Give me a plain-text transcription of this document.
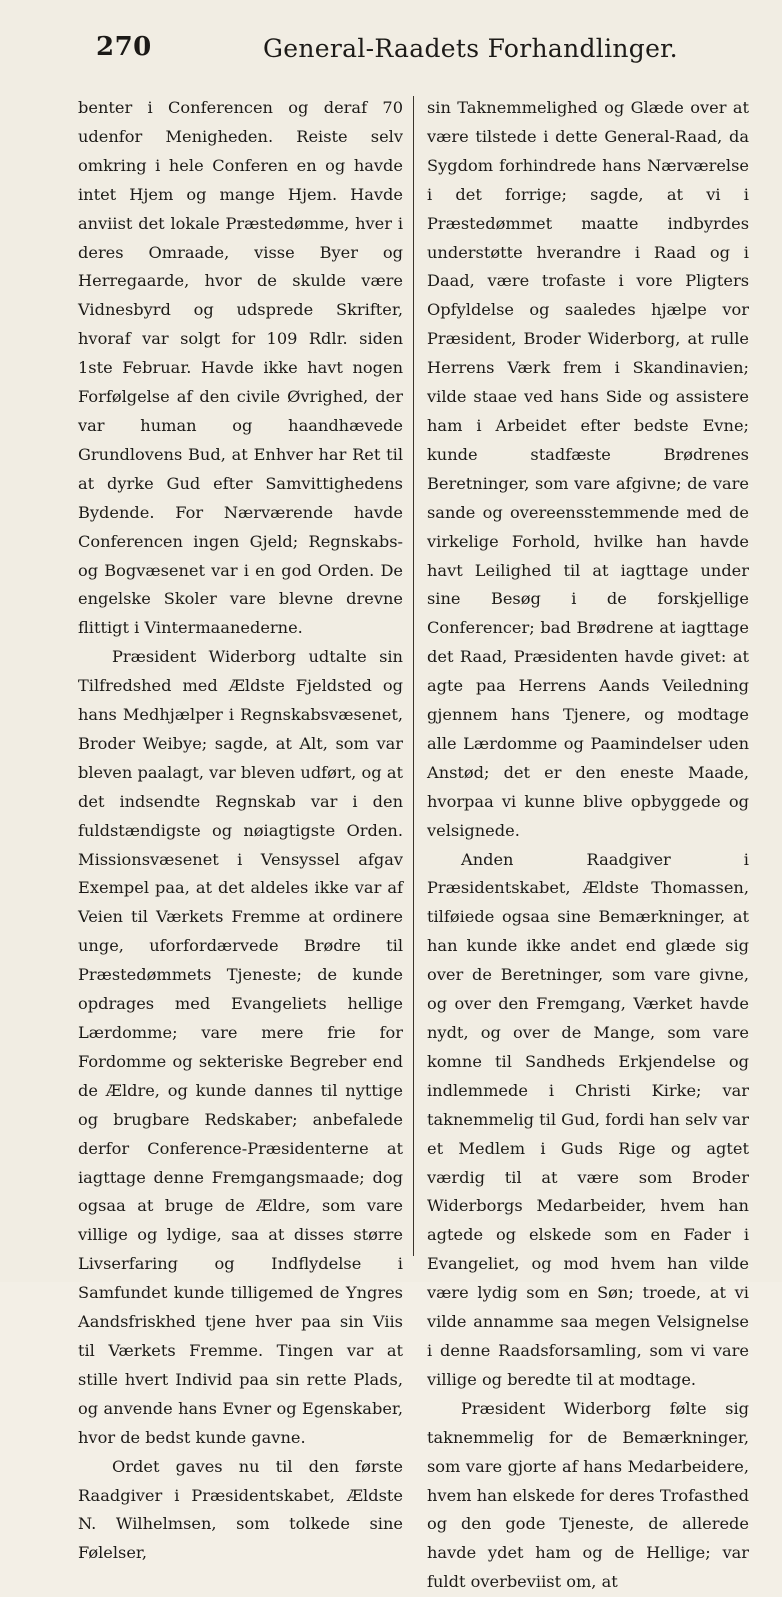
270	General-Raadets Forhandlinger.

benter i Conferencen og deraf 70 udenfor Menigheden. Reiste selv omkring i hele Conferen en og havde intet Hjem og mange Hjem. Havde anviist det lokale Præstedømme, hver i deres Omraade, visse Byer og Herregaarde, hvor de skulde være Vidnesbyrd og udsprede Skrifter, hvoraf var solgt for 109 Rdlr. siden 1ste Februar. Havde ikke havt nogen Forfølgelse af den civile Øvrighed, der var human og haandhævede Grundlovens Bud, at Enhver har Ret til at dyrke Gud efter Samvittighedens Bydende. For Nærværende havde Conferencen ingen Gjeld; Regnskabs- og Bogvæsenet var i en god Orden. De engelske Skoler vare blevne drevne flittigt i Vintermaanederne.

Præsident Widerborg udtalte sin Tilfredshed med Ældste Fjeldsted og hans Medhjælper i Regnskabsvæsenet, Broder Weibye; sagde, at Alt, som var bleven paalagt, var bleven udført, og at det indsendte Regnskab var i den fuldstændigste og nøiagtigste Orden. Missionsvæsenet i Vensyssel afgav Exempel paa, at det aldeles ikke var af Veien til Værkets Fremme at ordinere unge, uforfordærvede Brødre til Præstedømmets Tjeneste; de kunde opdrages med Evangeliets hellige Lærdomme; vare mere frie for Fordomme og sekteriske Begreber end de Ældre, og kunde dannes til nyttige og brugbare Redskaber; anbefalede derfor Conference-Præsidenterne at iagttage denne Fremgangsmaade; dog ogsaa at bruge de Ældre, som vare villige og lydige, saa at disses større Livserfaring og Indflydelse i Samfundet kunde tilligemed de Yngres Aandsfriskhed tjene hver paa sin Viis til Værkets Fremme. Tingen var at stille hvert Individ paa sin rette Plads, og anvende hans Evner og Egenskaber, hvor de bedst kunde gavne.

Ordet gaves nu til den første Raadgiver i Præsidentskabet, Ældste N. Wilhelmsen, som tolkede sine Følelser,

sin Taknemmelighed og Glæde over at være tilstede i dette General-Raad, da Sygdom forhindrede hans Nærværelse i det forrige; sagde, at vi i Præstedømmet maatte indbyrdes understøtte hverandre i Raad og i Daad, være trofaste i vore Pligters Opfyldelse og saaledes hjælpe vor Præsident, Broder Widerborg, at rulle Herrens Værk frem i Skandinavien; vilde staae ved hans Side og assistere ham i Arbeidet efter bedste Evne; kunde stadfæste Brødrenes Beretninger, som vare afgivne; de vare sande og overeensstemmende med de virkelige Forhold, hvilke han havde havt Leilighed til at iagttage under sine Besøg i de forskjellige Conferencer; bad Brødrene at iagttage det Raad, Præsidenten havde givet: at agte paa Herrens Aands Veiledning gjennem hans Tjenere, og modtage alle Lærdomme og Paamindelser uden Anstød; det er den eneste Maade, hvorpaa vi kunne blive opbyggede og velsignede.

Anden Raadgiver i Præsidentskabet, Ældste Thomassen, tilføiede ogsaa sine Bemærkninger, at han kunde ikke andet end glæde sig over de Beretninger, som vare givne, og over den Fremgang, Værket havde nydt, og over de Mange, som vare komne til Sandheds Erkjendelse og indlemmede i Christi Kirke; var taknemmelig til Gud, fordi han selv var et Medlem i Guds Rige og agtet værdig til at være som Broder Widerborgs Medarbeider, hvem han agtede og elskede som en Fader i Evangeliet, og mod hvem han vilde være lydig som en Søn; troede, at vi vilde annamme saa megen Velsignelse i denne Raadsforsamling, som vi vare villige og beredte til at modtage.

Præsident Widerborg følte sig taknemmelig for de Bemærkninger, som vare gjorte af hans Medarbeidere, hvem han elskede for deres Trofasthed og den gode Tjeneste, de allerede havde ydet ham og de Hellige; var fuldt overbeviist om, at
